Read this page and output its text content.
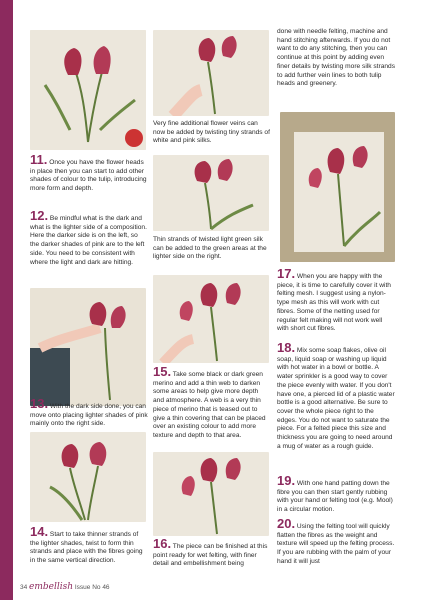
11. Once you have the flower heads in place then you can start to add other shades of colour to the tulip, introducing more form and depth.

12. Be mindful what is the dark and what is the lighter side of a composition. Here the darker side is on the left, so the darker shades of pink are to the left side. You need to be consistent with where the light and dark are hitting.

13. With the dark side done, you can move onto placing lighter shades of pink mainly onto the right side.

14. Start to take thinner strands of the lighter shades, twist to form thin strands and place with the fibres going in the same vertical direction.

Very fine additional flower veins can now be added by twisting tiny strands of white and pink silks.

Thin strands of twisted light green silk can be added to the green areas at the lighter side on the right.

15. Take some black or dark green merino and add a thin web to darken some areas to help give more depth and atmosphere. A web is a very thin piece of merino that is teased out to give a thin covering that can be placed over an existing colour to add more texture and depth to that area.

16. The piece can be finished at this point ready for wet felting, with finer detail and embellishment being

done with needle felting, machine and hand stitching afterwards. If you do not want to do any stitching, then you can continue at this point by adding even finer details by twisting more silk strands to add further vein lines to both tulip heads and greenery.

17. When you are happy with the piece, it is time to carefully cover it with felting mesh. I suggest using a nylon-type mesh as this will work with cut fibres. Some of the netting used for regular felt making will not work well with short cut fibres.

18. Mix some soap flakes, olive oil soap, liquid soap or washing up liquid with hot water in a bowl or bottle. A water sprinkler is a good way to cover the piece evenly with water. If you don't have one, a pierced lid of a plastic water bottle is a good alternative. Be sure to cover the whole piece right to the edges. You do not want to saturate the piece. For a felted piece this size and thickness you are going to need around a mug of water as a rough guide.

19. With one hand patting down the fibre you can then start gently rubbing with your hand or felting tool (e.g. Mool) in a circular motion.

20. Using the felting tool will quickly flatten the fibres as the weight and texture will speed up the felting process. If you are rubbing with the palm of your hand it will just

34 embellish Issue No 46
